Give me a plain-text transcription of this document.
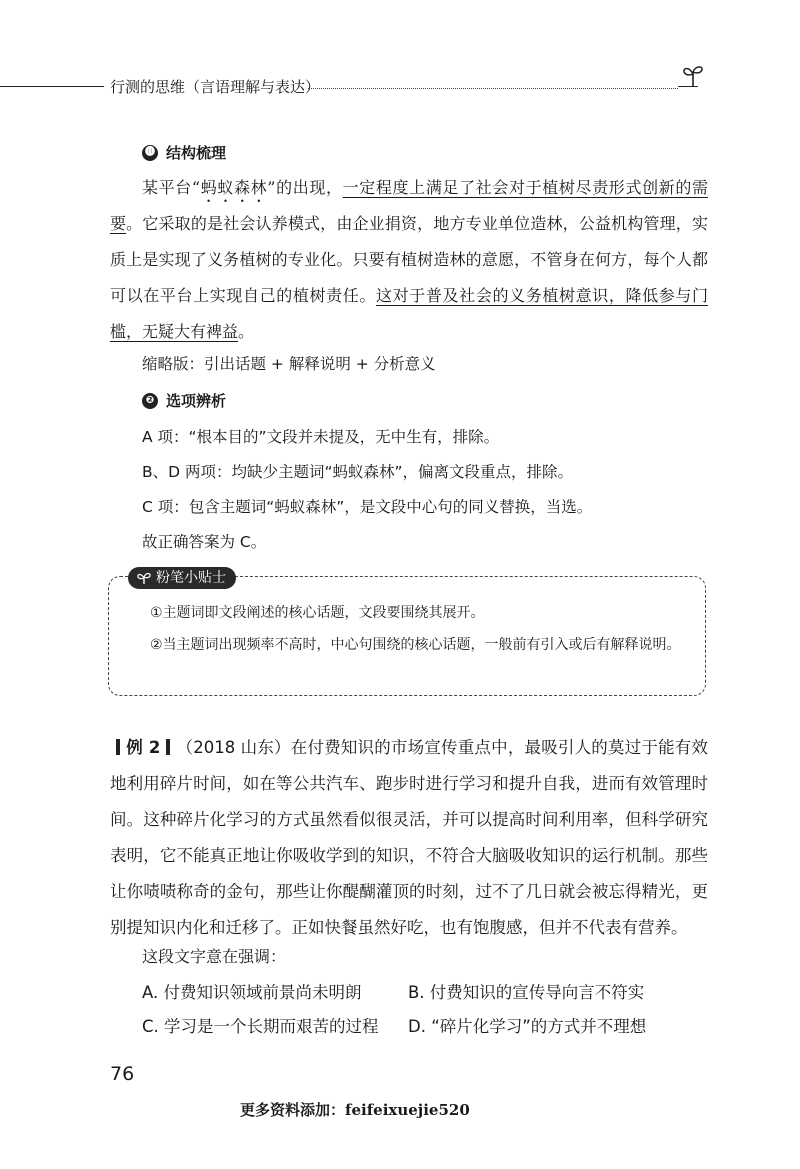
行测的思维（言语理解与表达）
⓫ 结构梳理
某平台“蚂蚁森林”的出现，一定程度上满足了社会对于植树尽责形式创新的需要。它采取的是社会认养模式，由企业捐资，地方专业单位造林，公益机构管理，实质上是实现了义务植树的专业化。只要有植树造林的意愿，不管身在何方，每个人都可以在平台上实现自己的植树责任。这对于普及社会的义务植树意识，降低参与门槛，无疑大有裨益。
缩略版：引出话题 + 解释说明 + 分析意义
❷ 选项辨析
A 项：“根本目的”文段并未提及，无中生有，排除。
B、D 两项：均缺少主题词“蚂蚁森林”，偏离文段重点，排除。
C 项：包含主题词“蚂蚁森林”，是文段中心句的同义替换，当选。
故正确答案为 C。
粉笔小贴士
①主题词即文段阐述的核心话题，文段要围绕其展开。
②当主题词出现频率不高时，中心句围绕的核心话题，一般前有引入或后有解释说明。
例 2 （2018 山东）在付费知识的市场宣传重点中，最吸引人的莫过于能有效地利用碎片时间，如在等公共汽车、跑步时进行学习和提升自我，进而有效管理时间。这种碎片化学习的方式虽然看似很灵活，并可以提高时间利用率，但科学研究表明，它不能真正地让你吸收学到的知识，不符合大脑吸收知识的运行机制。那些让你啧啧称奇的金句，那些让你醍醐灌顶的时刻，过不了几日就会被忘得精光，更别提知识内化和迁移了。正如快餐虽然好吃，也有饱腹感，但并不代表有营养。
这段文字意在强调：
A. 付费知识领域前景尚未明朗	B. 付费知识的宣传导向言不符实
C. 学习是一个长期而艰苦的过程 D. “碎片化学习”的方式并不理想
76
更多资料添加：feifeixuejie520
